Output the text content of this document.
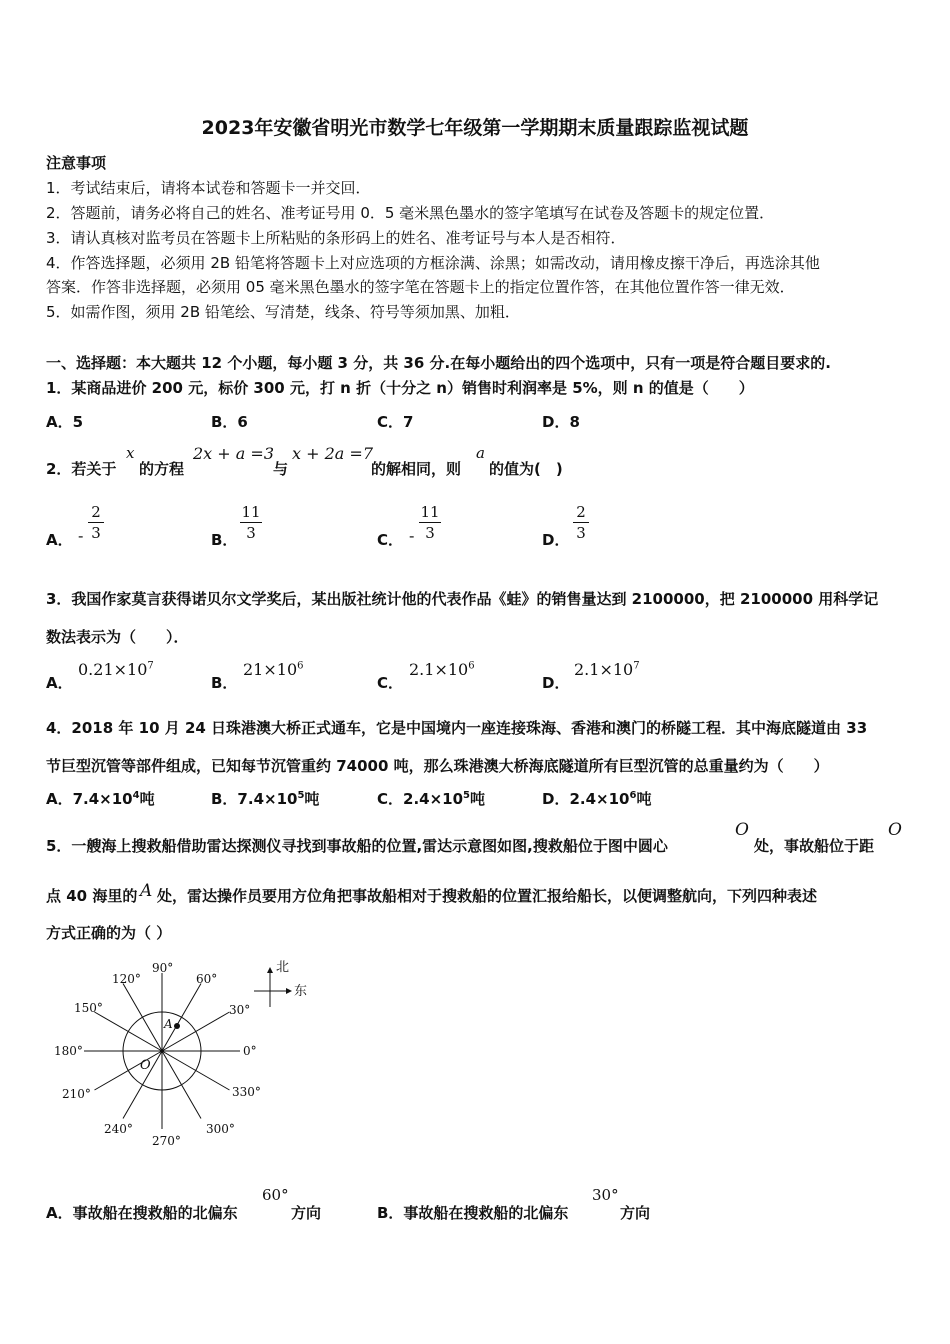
2023年安徽省明光市数学七年级第一学期期末质量跟踪监视试题
注意事项
1．考试结束后，请将本试卷和答题卡一并交回．
2．答题前，请务必将自己的姓名、准考证号用 0．5 毫米黑色墨水的签字笔填写在试卷及答题卡的规定位置．
3．请认真核对监考员在答题卡上所粘贴的条形码上的姓名、准考证号与本人是否相符．
4．作答选择题，必须用 2B 铅笔将答题卡上对应选项的方框涂满、涂黑；如需改动，请用橡皮擦干净后，再选涂其他
答案．作答非选择题，必须用 05 毫米黑色墨水的签字笔在答题卡上的指定位置作答，在其他位置作答一律无效．
5．如需作图，须用 2B 铅笔绘、写清楚，线条、符号等须加黑、加粗．
一、选择题：本大题共 12 个小题，每小题 3 分，共 36 分.在每小题给出的四个选项中，只有一项是符合题目要求的.
1．某商品进价 200 元，标价 300 元，打 n 折（十分之 n）销售时利润率是 5%，则 n 的值是（　　）
A．5	B．6	C．7	D．8
2．若关于
x
的方程
2x + a =3
与
x + 2a =7
的解相同，则
a
的值为(　)
A． -
2
3	B．
11
3	C． -
11
3	D．
2
3
3．我国作家莫言获得诺贝尔文学奖后，某出版社统计他的代表作品《蛙》的销售量达到 2100000，把 2100000 用科学记
数法表示为（　　）．
A．
$0.21\times 10^7$
B．
$21\times 10^6$
C．
$2.1\times 10^6$
D．
$2.1\times 10^7$
4．2018 年 10 月 24 日珠港澳大桥正式通车，它是中国境内一座连接珠海、香港和澳门的桥隧工程．其中海底隧道由 33
节巨型沉管等部件组成，已知每节沉管重约 74000 吨，那么珠港澳大桥海底隧道所有巨型沉管的总重量约为（　　）
A．$7.4\times 10^4$吨	B．$7.4\times 10^5$吨	C．$2.4\times 10^5$吨	D．$2.4\times 10^6$吨
5．一艘海上搜救船借助雷达探测仪寻找到事故船的位置,雷达示意图如图,搜救船位于图中圆心
O
处，事故船位于距
O
点 40 海里的 A 处，雷达操作员要用方位角把事故船相对于搜救船的位置汇报给船长，以便调整航向，下列四种表述
方式正确的为（ ）
90°
120°	60°
150°	30°
180°	0°
210°	330°
240°	300°
270°
A
O
北
东
A．事故船在搜救船的北偏东
60°
方向	B．事故船在搜救船的北偏东
30°
方向
